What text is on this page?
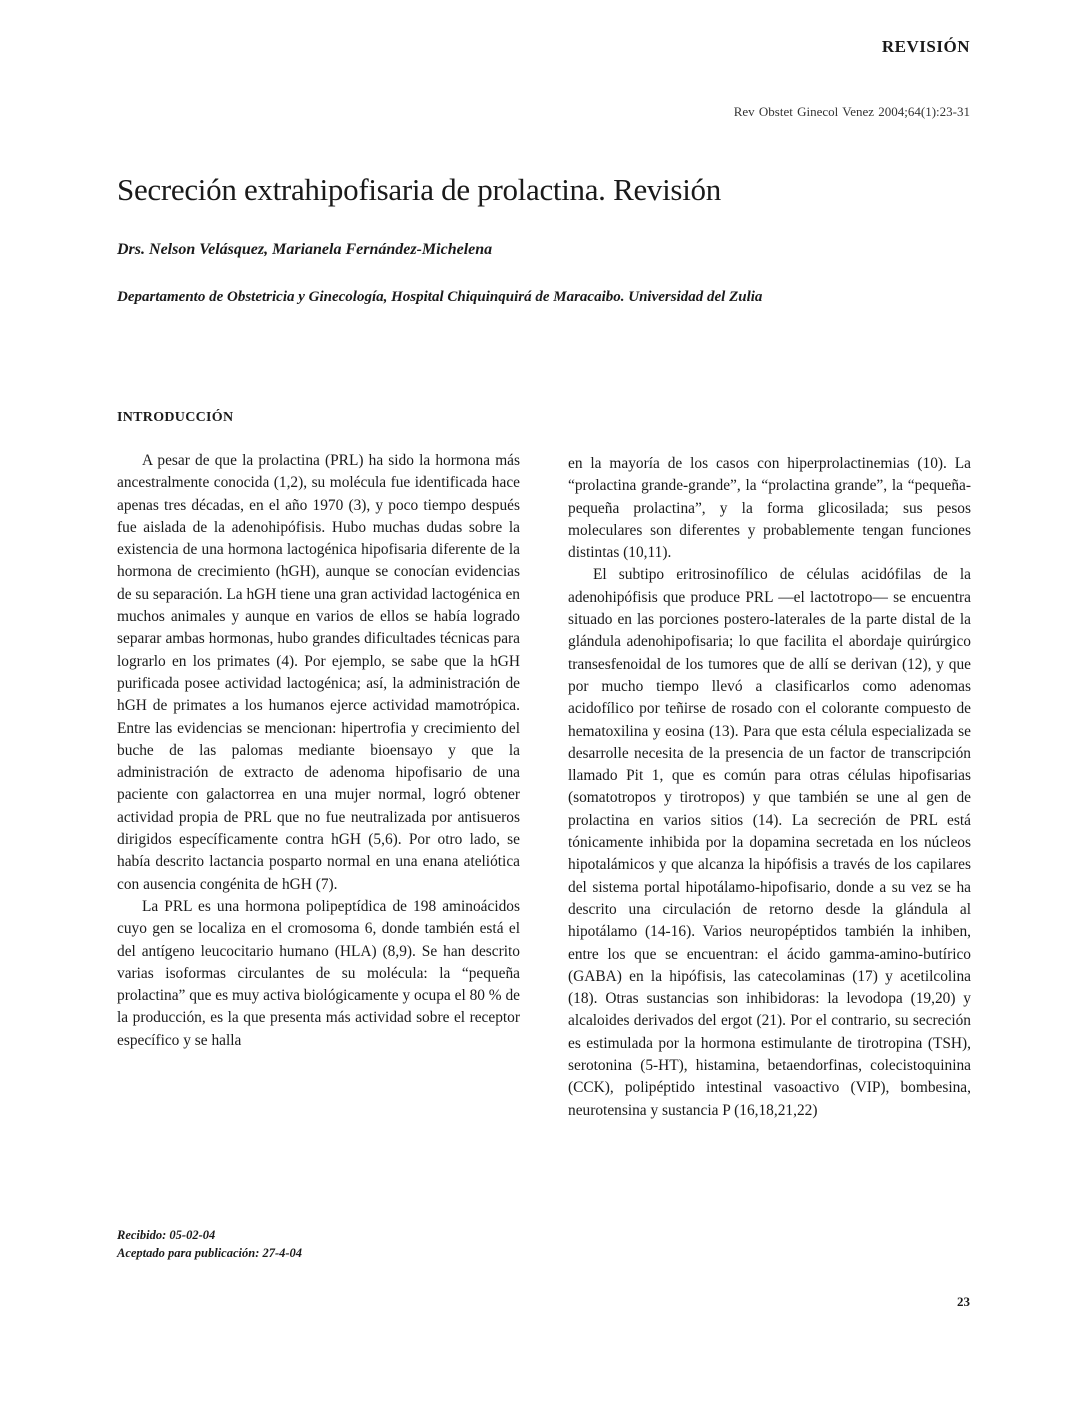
REVISIÓN
Rev Obstet Ginecol Venez 2004;64(1):23-31
Secreción extrahipofisaria de prolactina. Revisión
Drs. Nelson Velásquez, Marianela Fernández-Michelena
Departamento de Obstetricia y Ginecología, Hospital Chiquinquirá de Maracaibo. Universidad del Zulia
INTRODUCCIÓN

A pesar de que la prolactina (PRL) ha sido la hormona más ancestralmente conocida (1,2), su molécula fue identificada hace apenas tres décadas, en el año 1970 (3), y poco tiempo después fue aislada de la adenohipófisis. Hubo muchas dudas sobre la existencia de una hormona lactogénica hipofisaria diferente de la hormona de crecimiento (hGH), aunque se conocían evidencias de su separación. La hGH tiene una gran actividad lactogénica en muchos animales y aunque en varios de ellos se había logrado separar ambas hormonas, hubo grandes dificultades técnicas para lograrlo en los primates (4). Por ejemplo, se sabe que la hGH purificada posee actividad lactogénica; así, la administración de hGH de primates a los humanos ejerce actividad mamotrópica. Entre las evidencias se mencionan: hipertrofia y crecimiento del buche de las palomas mediante bioensayo y que la administración de extracto de adenoma hipofisario de una paciente con galactorrea en una mujer normal, logró obtener actividad propia de PRL que no fue neutralizada por antisueros dirigidos específicamente contra hGH (5,6). Por otro lado, se había descrito lactancia posparto normal en una enana ateliótica con ausencia congénita de hGH (7).

La PRL es una hormona polipeptídica de 198 aminoácidos cuyo gen se localiza en el cromosoma 6, donde también está el del antígeno leucocitario humano (HLA) (8,9). Se han descrito varias isoformas circulantes de su molécula: la “pequeña prolactina” que es muy activa biológicamente y ocupa el 80 % de la producción, es la que presenta más actividad sobre el receptor específico y se halla

en la mayoría de los casos con hiperprolactinemias (10). La “prolactina grande-grande”, la “prolactina grande”, la “pequeña- pequeña prolactina”, y la forma glicosilada; sus pesos moleculares son diferentes y probablemente tengan funciones distintas (10,11).

El subtipo eritrosinofílico de células acidófilas de la adenohipófisis que produce PRL —el lactotropo— se encuentra situado en las porciones postero-laterales de la parte distal de la glándula adenohipofisaria; lo que facilita el abordaje quirúrgico transesfenoidal de los tumores que de allí se derivan (12), y que por mucho tiempo llevó a clasificarlos como adenomas acidofílico por teñirse de rosado con el colorante compuesto de hematoxilina y eosina (13). Para que esta célula especializada se desarrolle necesita de la presencia de un factor de transcripción llamado Pit 1, que es común para otras células hipofisarias (somatotropos y tirotropos) y que también se une al gen de prolactina en varios sitios (14). La secreción de PRL está tónicamente inhibida por la dopamina secretada en los núcleos hipotalámicos y que alcanza la hipófisis a través de los capilares del sistema portal hipotálamo-hipofisario, donde a su vez se ha descrito una circulación de retorno desde la glándula al hipotálamo (14-16). Varios neuropéptidos también la inhiben, entre los que se encuentran: el ácido gamma-amino-butírico (GABA) en la hipófisis, las catecolaminas (17) y acetilcolina (18). Otras sustancias son inhibidoras: la levodopa (19,20) y alcaloides derivados del ergot (21). Por el contrario, su secreción es estimulada por la hormona estimulante de tirotropina (TSH), serotonina (5-HT), histamina, betaendorfinas, colecistoquinina (CCK), polipéptido intestinal vasoactivo (VIP), bombesina, neurotensina y sustancia P (16,18,21,22)

Recibido: 05-02-04
Aceptado para publicación: 27-4-04
23
